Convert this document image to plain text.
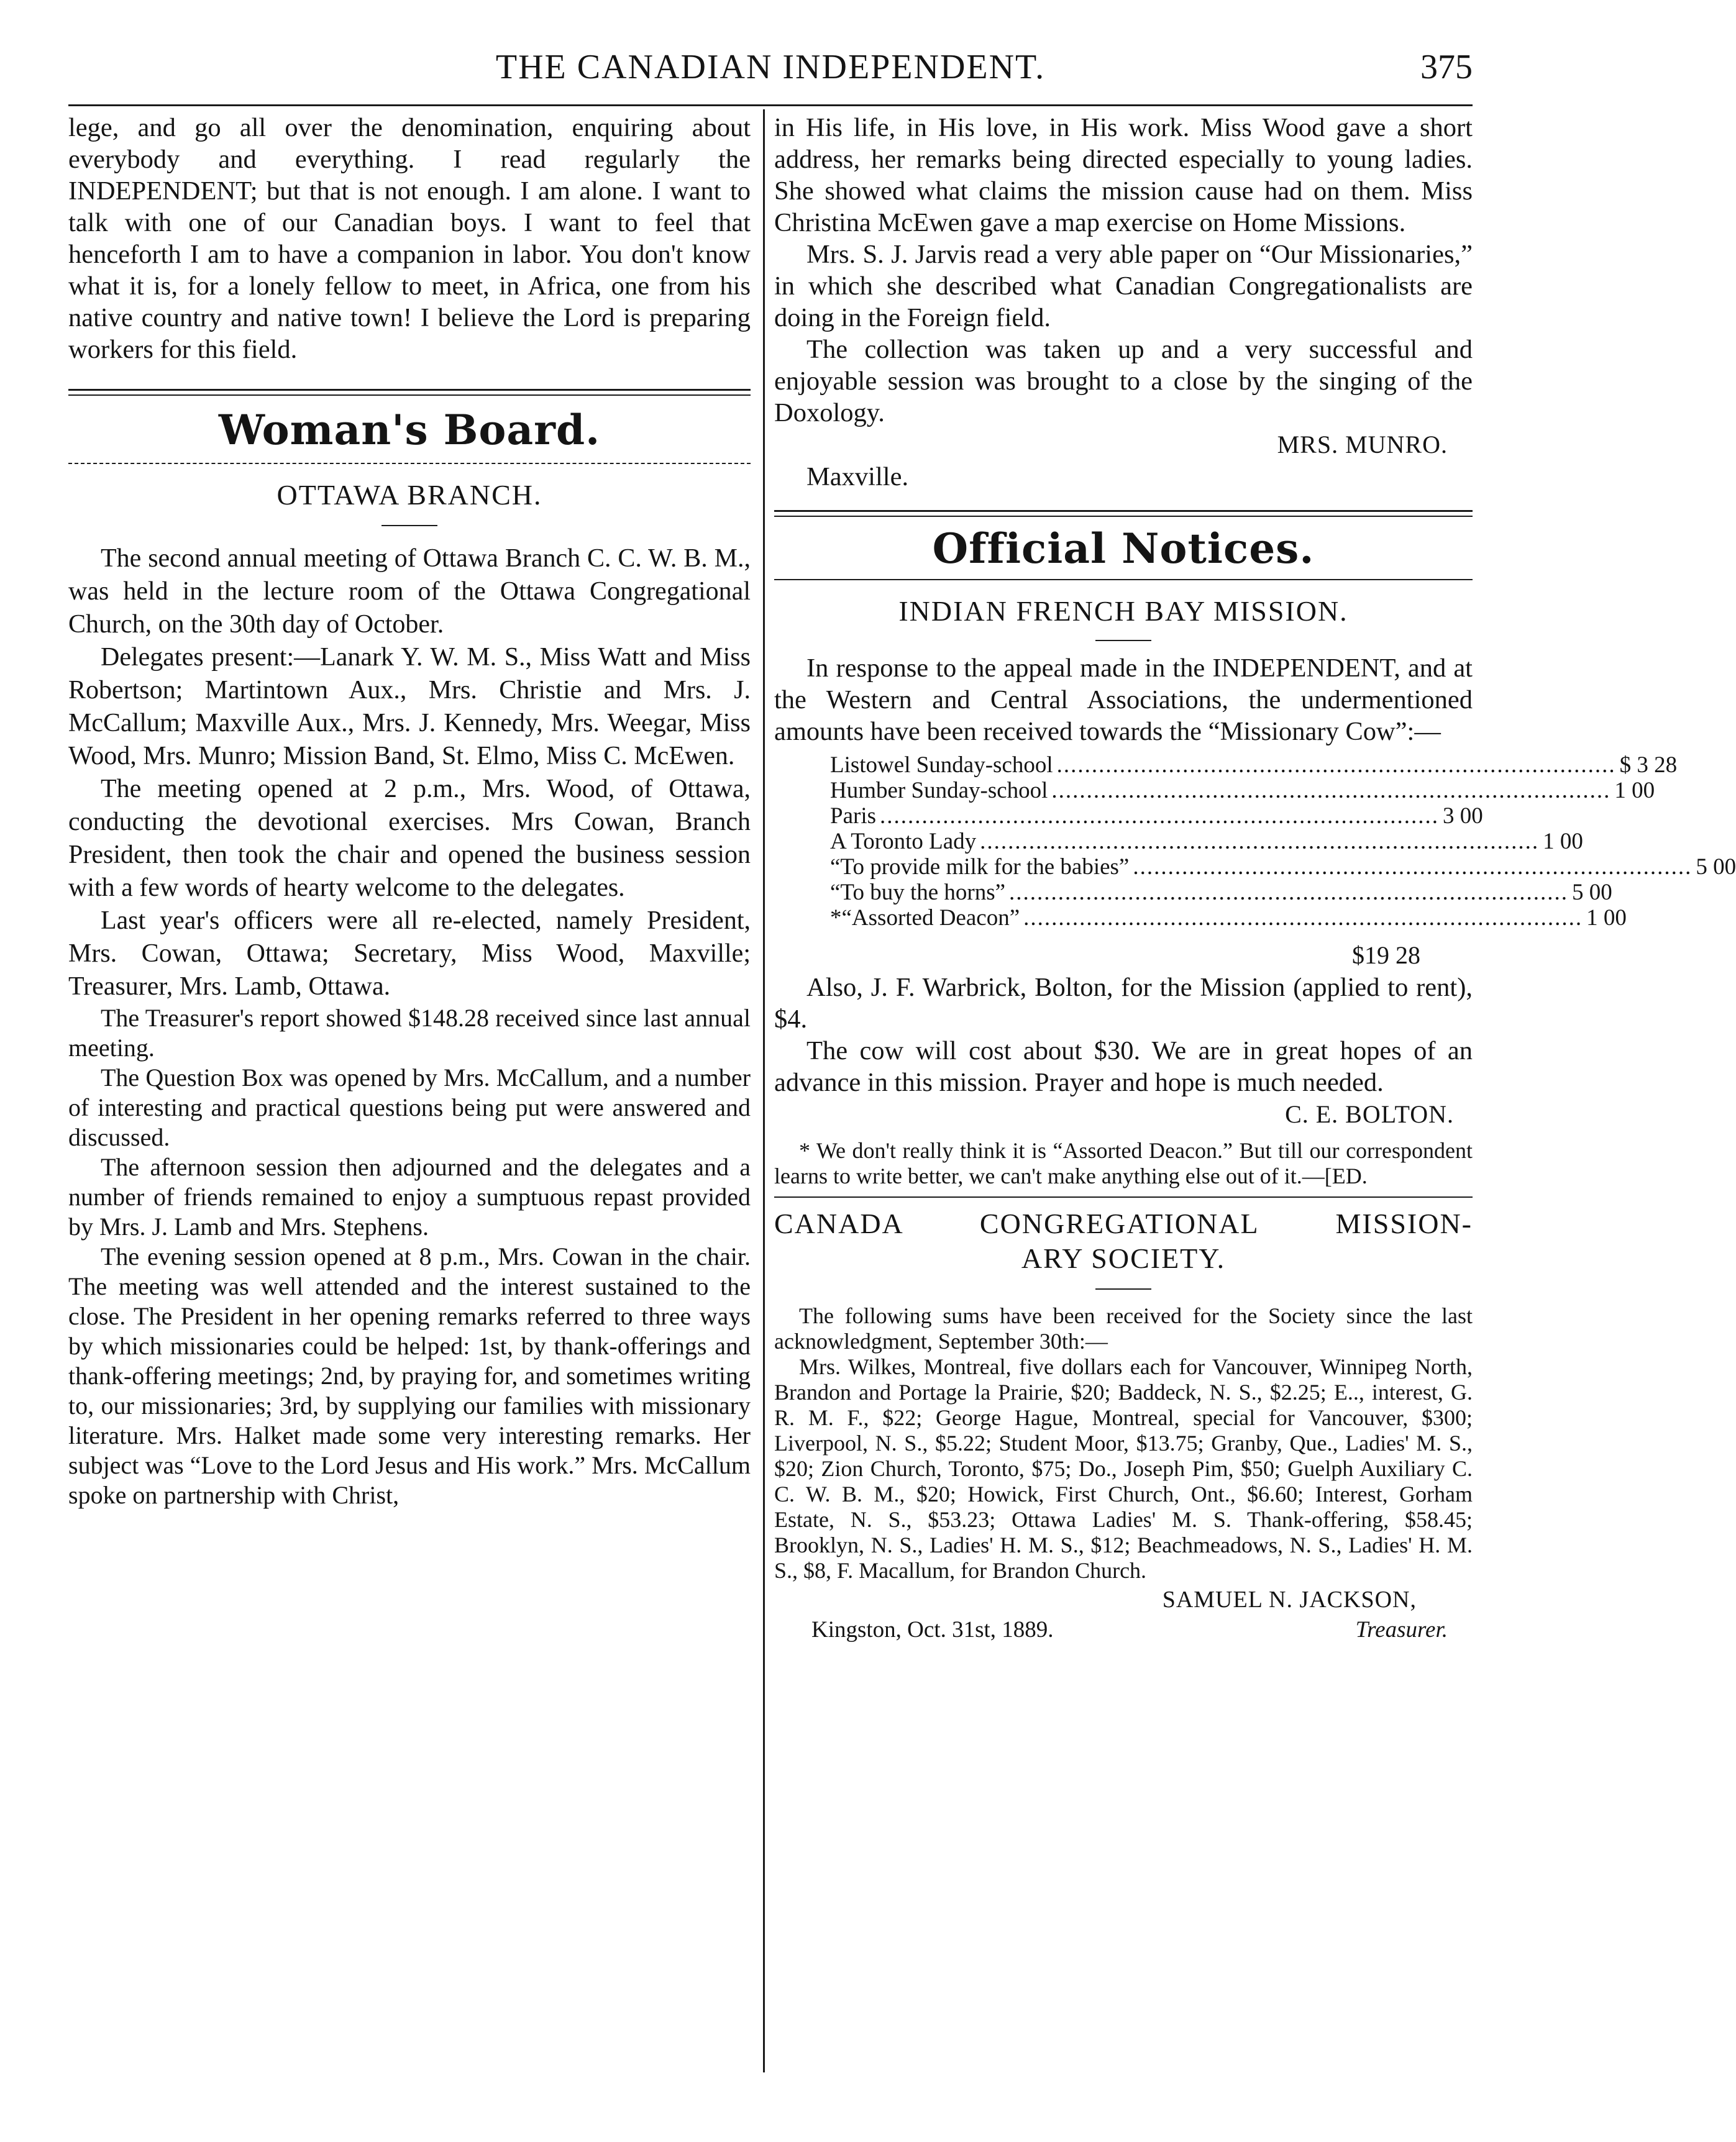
THE CANADIAN INDEPENDENT.	375

lege, and go all over the denomination, enquiring about everybody and everything. I read regularly the INDEPENDENT; but that is not enough. I am alone. I want to talk with one of our Canadian boys. I want to feel that henceforth I am to have a companion in labor. You don't know what it is, for a lonely fellow to meet, in Africa, one from his native country and native town! I believe the Lord is preparing workers for this field.

Woman's Board.
OTTAWA BRANCH.

The second annual meeting of Ottawa Branch C. C. W. B. M., was held in the lecture room of the Ottawa Congregational Church, on the 30th day of October.

Delegates present:—Lanark Y. W. M. S., Miss Watt and Miss Robertson; Martintown Aux., Mrs. Christie and Mrs. J. McCallum; Maxville Aux., Mrs. J. Kennedy, Mrs. Weegar, Miss Wood, Mrs. Munro; Mission Band, St. Elmo, Miss C. McEwen.

The meeting opened at 2 p.m., Mrs. Wood, of Ottawa, conducting the devotional exercises. Mrs Cowan, Branch President, then took the chair and opened the business session with a few words of hearty welcome to the delegates.

Last year's officers were all re-elected, namely President, Mrs. Cowan, Ottawa; Secretary, Miss Wood, Maxville; Treasurer, Mrs. Lamb, Ottawa.

The Treasurer's report showed $148.28 received since last annual meeting.

The Question Box was opened by Mrs. McCallum, and a number of interesting and practical questions being put were answered and discussed.

The afternoon session then adjourned and the delegates and a number of friends remained to enjoy a sumptuous repast provided by Mrs. J. Lamb and Mrs. Stephens.

The evening session opened at 8 p.m., Mrs. Cowan in the chair. The meeting was well attended and the interest sustained to the close. The President in her opening remarks referred to three ways by which missionaries could be helped: 1st, by thank-offerings and thank-offering meetings; 2nd, by praying for, and sometimes writing to, our missionaries; 3rd, by supplying our families with missionary literature. Mrs. Halket made some very interesting remarks. Her subject was “Love to the Lord Jesus and His work.” Mrs. McCallum spoke on partnership with Christ,

in His life, in His love, in His work. Miss Wood gave a short address, her remarks being directed especially to young ladies. She showed what claims the mission cause had on them. Miss Christina McEwen gave a map exercise on Home Missions.

Mrs. S. J. Jarvis read a very able paper on “Our Missionaries,” in which she described what Canadian Congregationalists are doing in the Foreign field.

The collection was taken up and a very successful and enjoyable session was brought to a close by the singing of the Doxology.

MRS. MUNRO.

Maxville.

Official Notices.
INDIAN FRENCH BAY MISSION.

In response to the appeal made in the INDEPENDENT, and at the Western and Central Associations, the undermentioned amounts have been received towards the “Missionary Cow”:—

Listowel Sunday-school ................................................................................ $ 3 28
Humber Sunday-school ................................................................................ 1 00
Paris ................................................................................ 3 00
A Toronto Lady ................................................................................ 1 00
“To provide milk for the babies” ................................................................................ 5 00
“To buy the horns” ................................................................................ 5 00
*“Assorted Deacon” ................................................................................ 1 00
$19 28

Also, J. F. Warbrick, Bolton, for the Mission (applied to rent), $4.

The cow will cost about $30. We are in great hopes of an advance in this mission. Prayer and hope is much needed.

C. E. BOLTON.

* We don't really think it is “Assorted Deacon.” But till our correspondent learns to write better, we can't make anything else out of it.—[ED.

CANADA CONGREGATIONAL MISSION-
ARY SOCIETY.

The following sums have been received for the Society since the last acknowledgment, September 30th:—

Mrs. Wilkes, Montreal, five dollars each for Vancouver, Winnipeg North, Brandon and Portage la Prairie, $20; Baddeck, N. S., $2.25; E.., interest, G. R. M. F., $22; George Hague, Montreal, special for Vancouver, $300; Liverpool, N. S., $5.22; Student Moor, $13.75; Granby, Que., Ladies' M. S., $20; Zion Church, Toronto, $75; Do., Joseph Pim, $50; Guelph Auxiliary C. C. W. B. M., $20; Howick, First Church, Ont., $6.60; Interest, Gorham Estate, N. S., $53.23; Ottawa Ladies' M. S. Thank-offering, $58.45; Brooklyn, N. S., Ladies' H. M. S., $12; Beachmeadows, N. S., Ladies' H. M. S., $8, F. Macallum, for Brandon Church.

SAMUEL N. JACKSON,
Kingston, Oct. 31st, 1889.	Treasurer.
